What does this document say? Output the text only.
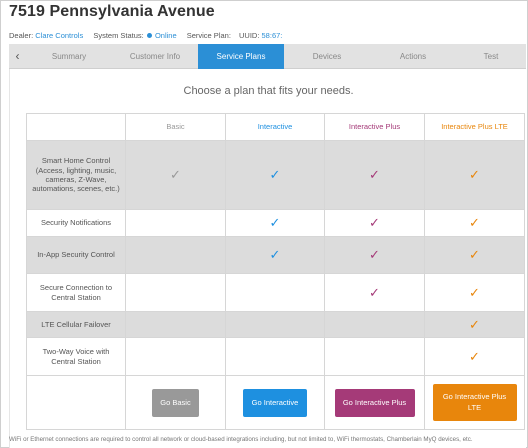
7519 Pennsylvania Avenue
Dealer: Clare Controls System Status: Online Service Plan: UUID: 58:67:
‹	Summary	Customer Info	Service Plans	Devices	Actions	Test
Choose a plan that fits your needs.
	Basic	Interactive	Interactive Plus	Interactive Plus LTE
Smart Home Control (Access, lighting, music, cameras, Z-Wave, automations, scenes, etc.)	✓	✓	✓	✓
Security Notifications		✓	✓	✓
In-App Security Control		✓	✓	✓
Secure Connection to Central Station			✓	✓
LTE Cellular Failover				✓
Two-Way Voice with Central Station				✓
	Go Basic	Go Interactive	Go Interactive Plus	Go Interactive Plus LTE
WiFi or Ethernet connections are required to control all network or cloud-based integrations including, but not limited to, WiFi thermostats, Chamberlain MyQ devices, etc.
